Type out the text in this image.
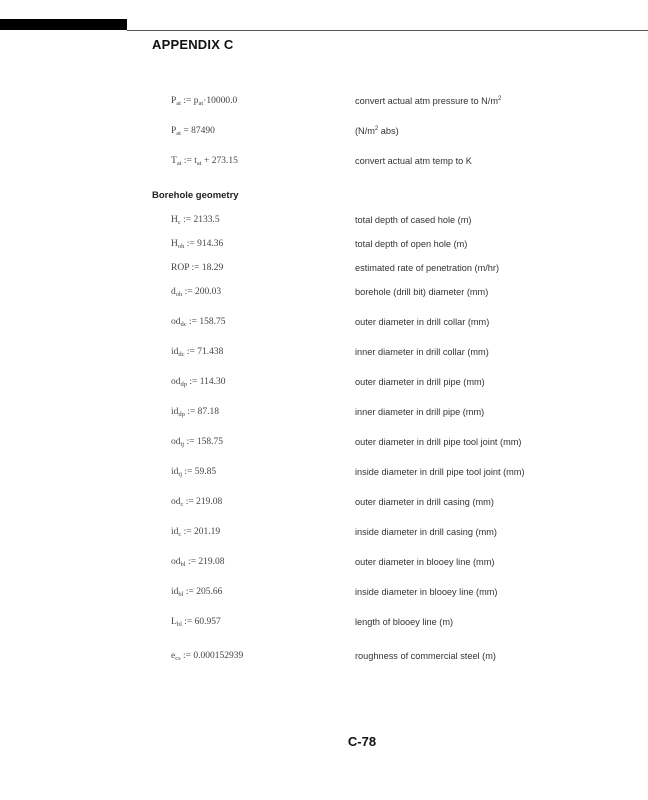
APPENDIX C
Borehole geometry
$P_{at}$ := $p_{at}\cdot 10000.0$	convert actual atm pressure to $N/m^2$
$P_{at} = 87490$	($N/m^2$ abs)
$T_{at}$ := $t_{at} + 273.15$	convert actual atm temp to K
$H_c$ := 2133.5	total depth of cased hole (m)
$H_{oh}$ := 914.36	total depth of open hole (m)
ROP := 18.29	estimated rate of penetration (m/hr)
$d_{oh}$ := 200.03	borehole (drill bit) diameter (mm)
$od_{dc}$ := 158.75	outer diameter in drill collar (mm)
$id_{dc}$ := 71.438	inner diameter in drill collar (mm)
$od_{dp}$ := 114.30	outer diameter in drill pipe (mm)
$id_{dp}$ := 87.18	inner diameter in drill pipe (mm)
$od_{tj}$ := 158.75	outer diameter in drill pipe tool joint (mm)
$id_{tj}$ := 59.85	inside diameter in drill pipe tool joint (mm)
$od_c$ := 219.08	outer diameter in drill casing (mm)
$id_c$ := 201.19	inside diameter in drill casing (mm)
$od_{bl}$ := 219.08	outer diameter in blooey line (mm)
$id_{bl}$ := 205.66	inside diameter in blooey line (mm)
$L_{bl}$ := 60.957	length of blooey line (m)
$e_{cs}$ := 0.000152939	roughness of commercial steel (m)
C-78
